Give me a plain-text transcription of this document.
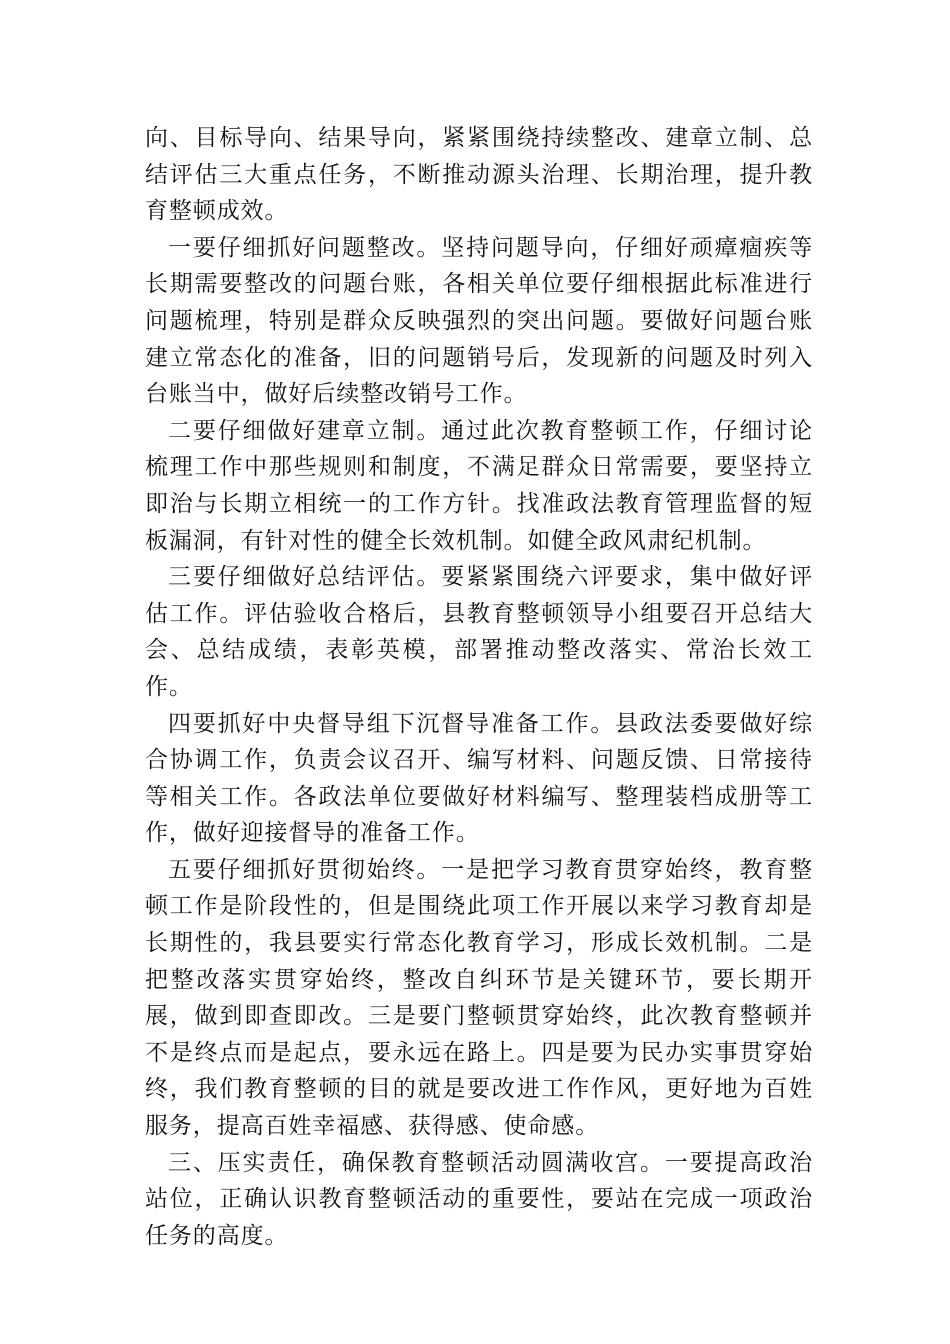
向、目标导向、结果导向，紧紧围绕持续整改、建章立制、总结评估三大重点任务，不断推动源头治理、长期治理，提升教育整顿成效。

一要仔细抓好问题整改。坚持问题导向，仔细好顽瘴痼疾等长期需要整改的问题台账，各相关单位要仔细根据此标准进行问题梳理，特别是群众反映强烈的突出问题。要做好问题台账建立常态化的准备，旧的问题销号后，发现新的问题及时列入台账当中，做好后续整改销号工作。

二要仔细做好建章立制。通过此次教育整顿工作，仔细讨论梳理工作中那些规则和制度，不满足群众日常需要，要坚持立即治与长期立相统一的工作方针。找准政法教育管理监督的短板漏洞，有针对性的健全长效机制。如健全政风肃纪机制。

三要仔细做好总结评估。要紧紧围绕六评要求，集中做好评估工作。评估验收合格后，县教育整顿领导小组要召开总结大会、总结成绩，表彰英模，部署推动整改落实、常治长效工作。

四要抓好中央督导组下沉督导准备工作。县政法委要做好综合协调工作，负责会议召开、编写材料、问题反馈、日常接待等相关工作。各政法单位要做好材料编写、整理装档成册等工作，做好迎接督导的准备工作。

五要仔细抓好贯彻始终。一是把学习教育贯穿始终，教育整顿工作是阶段性的，但是围绕此项工作开展以来学习教育却是长期性的，我县要实行常态化教育学习，形成长效机制。二是把整改落实贯穿始终，整改自纠环节是关键环节，要长期开展，做到即查即改。三是要门整顿贯穿始终，此次教育整顿并不是终点而是起点，要永远在路上。四是要为民办实事贯穿始终，我们教育整顿的目的就是要改进工作作风，更好地为百姓服务，提高百姓幸福感、获得感、使命感。

三、压实责任，确保教育整顿活动圆满收宫。一要提高政治站位，正确认识教育整顿活动的重要性，要站在完成一项政治任务的高度。
